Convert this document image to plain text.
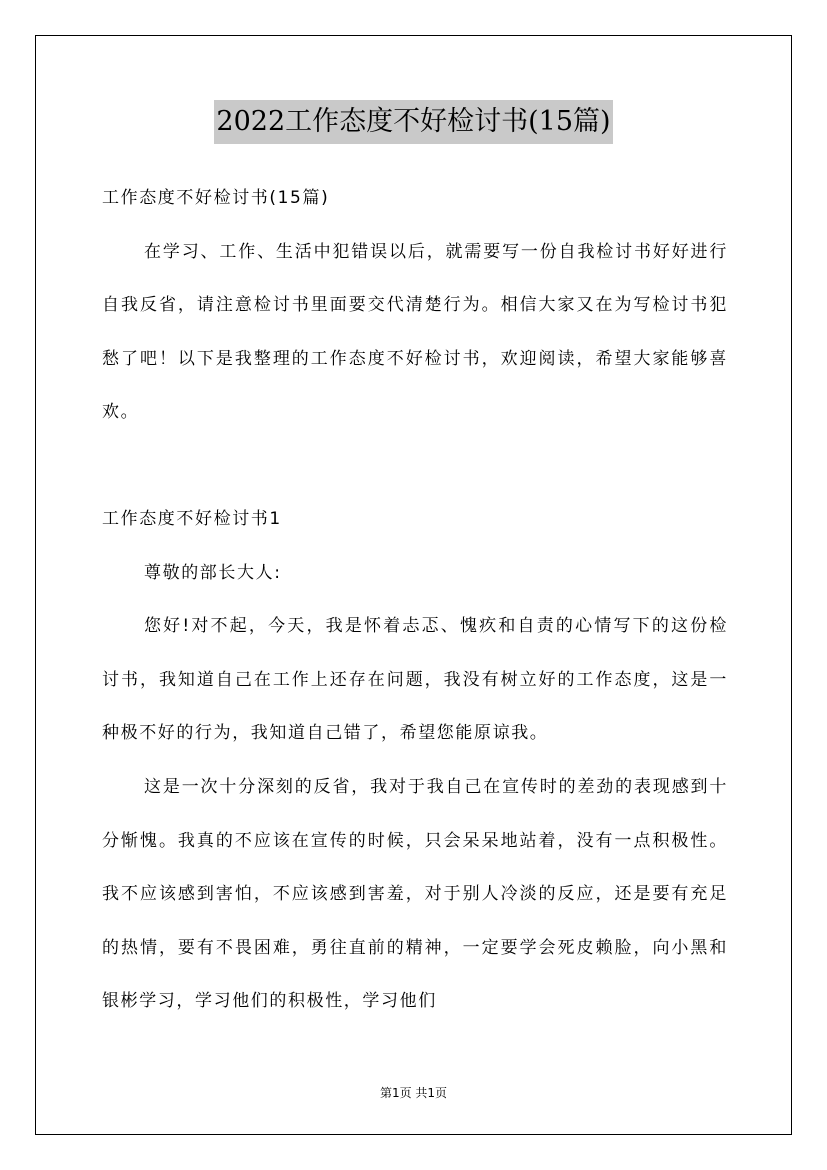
2022工作态度不好检讨书(15篇)

工作态度不好检讨书(15篇)

在学习、工作、生活中犯错误以后，就需要写一份自我检讨书好好进行自我反省，请注意检讨书里面要交代清楚行为。相信大家又在为写检讨书犯愁了吧！以下是我整理的工作态度不好检讨书，欢迎阅读，希望大家能够喜欢。

工作态度不好检讨书1

尊敬的部长大人:

您好!对不起，今天，我是怀着忐忑、愧疚和自责的心情写下的这份检讨书，我知道自己在工作上还存在问题，我没有树立好的工作态度，这是一种极不好的行为，我知道自己错了，希望您能原谅我。

这是一次十分深刻的反省，我对于我自己在宣传时的差劲的表现感到十分惭愧。我真的不应该在宣传的时候，只会呆呆地站着，没有一点积极性。我不应该感到害怕，不应该感到害羞，对于别人冷淡的反应，还是要有充足的热情，要有不畏困难，勇往直前的精神，一定要学会死皮赖脸，向小黑和银彬学习，学习他们的积极性，学习他们

第1页 共1页
